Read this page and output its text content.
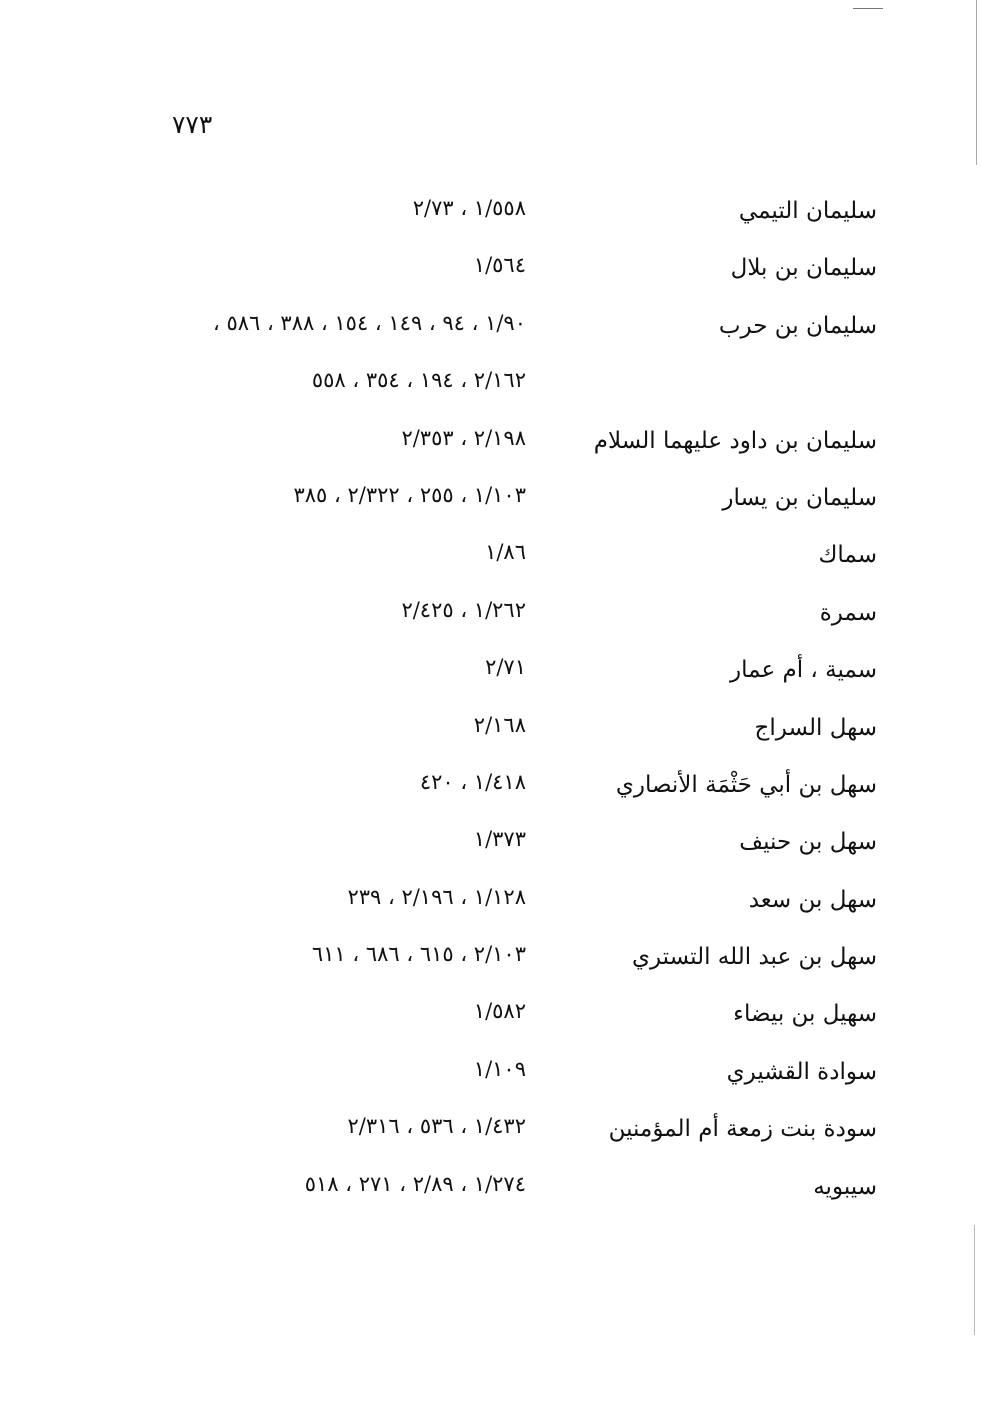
٧٧٣
سليمان التيمي
١/٥٥٨ ، ٢/٧٣
سليمان بن بلال
١/٥٦٤
سليمان بن حرب
١/٩٠ ، ٩٤ ، ١٤٩ ، ١٥٤ ، ٣٨٨ ، ٥٨٦ ،
٢/١٦٢ ، ١٩٤ ، ٣٥٤ ، ٥٥٨
سليمان بن داود عليهما السلام
٢/١٩٨ ، ٢/٣٥٣
سليمان بن يسار
١/١٠٣ ، ٢٥٥ ، ٢/٣٢٢ ، ٣٨٥
سماك
١/٨٦
سمرة
١/٢٦٢ ، ٢/٤٢٥
سمية ، أم عمار
٢/٧١
سهل السراج
٢/١٦٨
سهل بن أبي حَثْمَة الأنصاري
١/٤١٨ ، ٤٢٠
سهل بن حنيف
١/٣٧٣
سهل بن سعد
١/١٢٨ ، ٢/١٩٦ ، ٢٣٩
سهل بن عبد الله التستري
٢/١٠٣ ، ٦١٥ ، ٦٨٦ ، ٦١١
سهيل بن بيضاء
١/٥٨٢
سوادة القشيري
١/١٠٩
سودة بنت زمعة أم المؤمنين
١/٤٣٢ ، ٥٣٦ ، ٢/٣١٦
سيبويه
١/٢٧٤ ، ٢/٨٩ ، ٢٧١ ، ٥١٨
